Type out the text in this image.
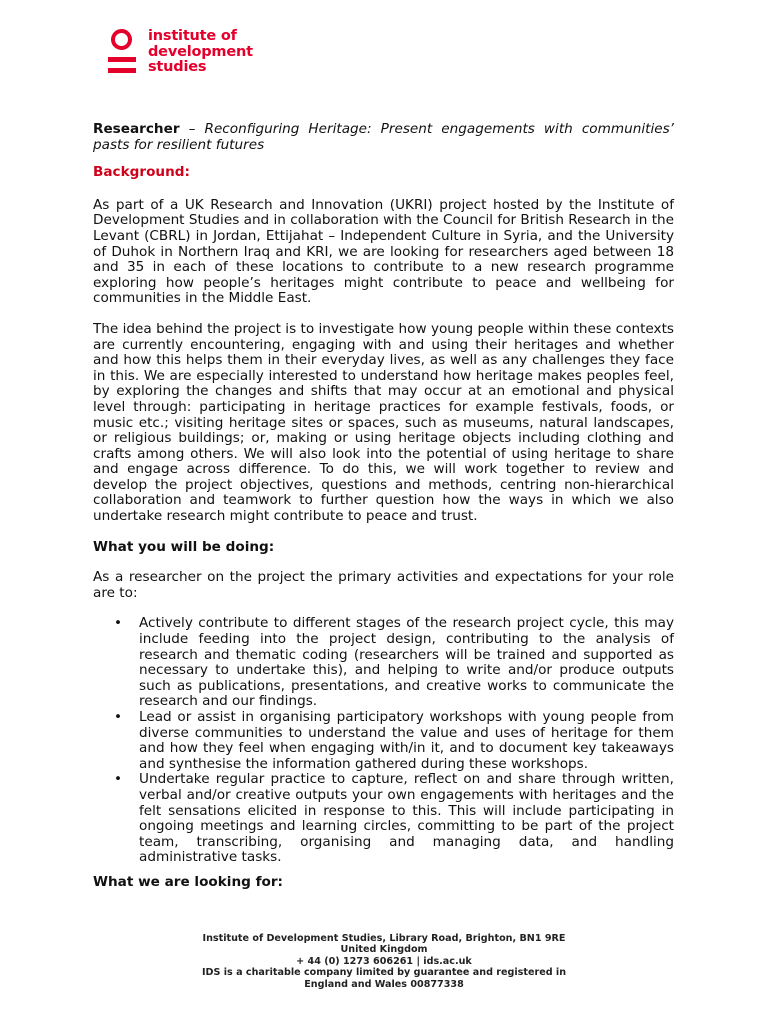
institute of
development
studies
Researcher – Reconfiguring Heritage: Present engagements with communities’ pasts for resilient futures
Background:

As part of a UK Research and Innovation (UKRI) project hosted by the Institute of Development Studies and in collaboration with the Council for British Research in the Levant (CBRL) in Jordan, Ettijahat – Independent Culture in Syria, and the University of Duhok in Northern Iraq and KRI, we are looking for researchers aged between 18 and 35 in each of these locations to contribute to a new research programme exploring how people’s heritages might contribute to peace and wellbeing for communities in the Middle East.

The idea behind the project is to investigate how young people within these contexts are currently encountering, engaging with and using their heritages and whether and how this helps them in their everyday lives, as well as any challenges they face in this. We are especially interested to understand how heritage makes peoples feel, by exploring the changes and shifts that may occur at an emotional and physical level through: participating in heritage practices for example festivals, foods, or music etc.; visiting heritage sites or spaces, such as museums, natural landscapes, or religious buildings; or, making or using heritage objects including clothing and crafts among others. We will also look into the potential of using heritage to share and engage across difference. To do this, we will work together to review and develop the project objectives, questions and methods, centring non-hierarchical collaboration and teamwork to further question how the ways in which we also undertake research might contribute to peace and trust.

What you will be doing:

As a researcher on the project the primary activities and expectations for your role are to:

• Actively contribute to different stages of the research project cycle, this may include feeding into the project design, contributing to the analysis of research and thematic coding (researchers will be trained and supported as necessary to undertake this), and helping to write and/or produce outputs such as publications, presentations, and creative works to communicate the research and our findings.
• Lead or assist in organising participatory workshops with young people from diverse communities to understand the value and uses of heritage for them and how they feel when engaging with/in it, and to document key takeaways and synthesise the information gathered during these workshops.
• Undertake regular practice to capture, reflect on and share through written, verbal and/or creative outputs your own engagements with heritages and the felt sensations elicited in response to this. This will include participating in ongoing meetings and learning circles, committing to be part of the project team, transcribing, organising and managing data, and handling administrative tasks.
What we are looking for:
Institute of Development Studies, Library Road, Brighton, BN1 9RE
United Kingdom
+ 44 (0) 1273 606261 | ids.ac.uk
IDS is a charitable company limited by guarantee and registered in
England and Wales 00877338
